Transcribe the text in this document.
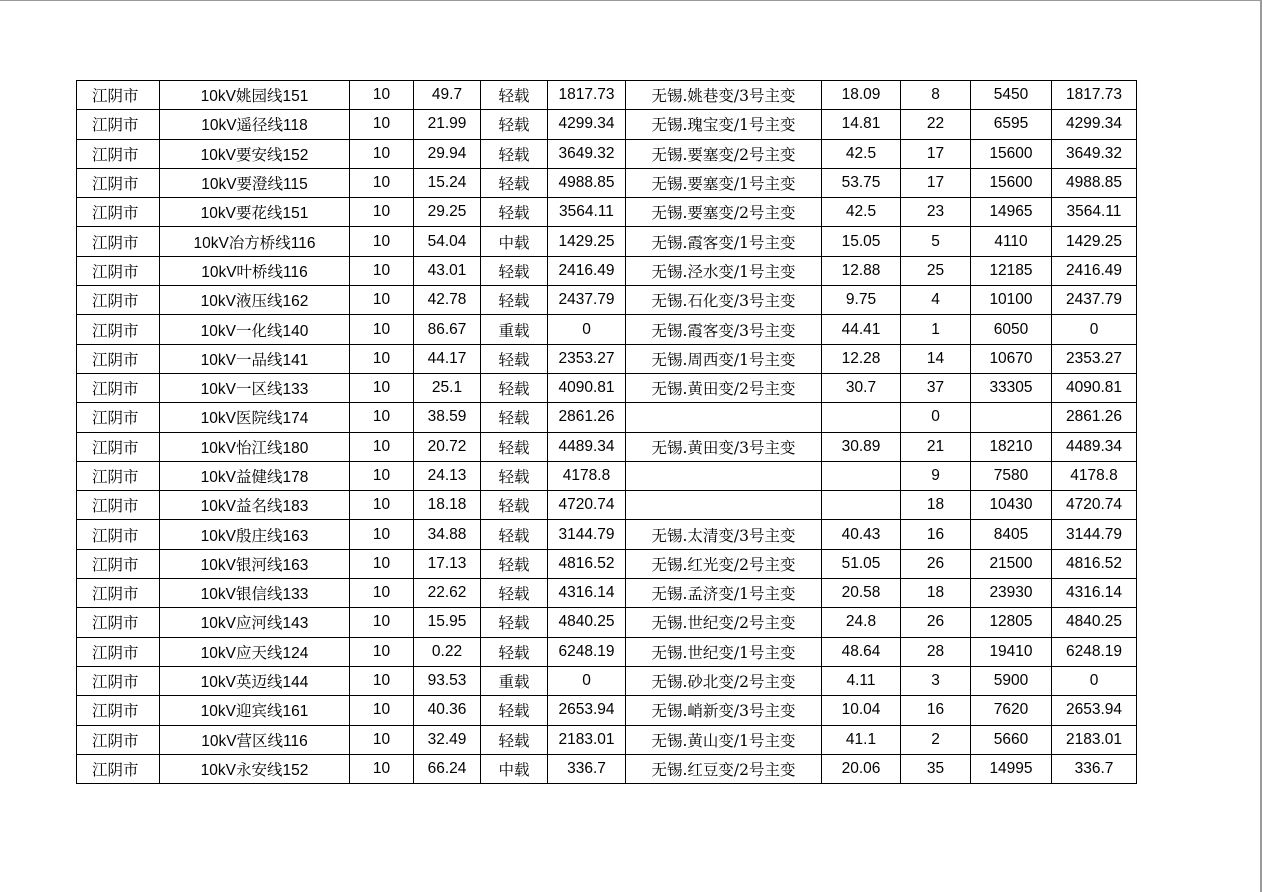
江阴市	10kV姚园线151	10	49.7	轻载	1817.73	无锡.姚巷变/3号主变	18.09	8	5450	1817.73
江阴市	10kV遥径线118	10	21.99	轻载	4299.34	无锡.瑰宝变/1号主变	14.81	22	6595	4299.34
江阴市	10kV要安线152	10	29.94	轻载	3649.32	无锡.要塞变/2号主变	42.5	17	15600	3649.32
江阴市	10kV要澄线115	10	15.24	轻载	4988.85	无锡.要塞变/1号主变	53.75	17	15600	4988.85
江阴市	10kV要花线151	10	29.25	轻载	3564.11	无锡.要塞变/2号主变	42.5	23	14965	3564.11
江阴市	10kV冶方桥线116	10	54.04	中载	1429.25	无锡.霞客变/1号主变	15.05	5	4110	1429.25
江阴市	10kV叶桥线116	10	43.01	轻载	2416.49	无锡.泾水变/1号主变	12.88	25	12185	2416.49
江阴市	10kV液压线162	10	42.78	轻载	2437.79	无锡.石化变/3号主变	9.75	4	10100	2437.79
江阴市	10kV一化线140	10	86.67	重载	0	无锡.霞客变/3号主变	44.41	1	6050	0
江阴市	10kV一品线141	10	44.17	轻载	2353.27	无锡.周西变/1号主变	12.28	14	10670	2353.27
江阴市	10kV一区线133	10	25.1	轻载	4090.81	无锡.黄田变/2号主变	30.7	37	33305	4090.81
江阴市	10kV医院线174	10	38.59	轻载	2861.26			0		2861.26
江阴市	10kV怡江线180	10	20.72	轻载	4489.34	无锡.黄田变/3号主变	30.89	21	18210	4489.34
江阴市	10kV益健线178	10	24.13	轻载	4178.8			9	7580	4178.8
江阴市	10kV益名线183	10	18.18	轻载	4720.74			18	10430	4720.74
江阴市	10kV殷庄线163	10	34.88	轻载	3144.79	无锡.太清变/3号主变	40.43	16	8405	3144.79
江阴市	10kV银河线163	10	17.13	轻载	4816.52	无锡.红光变/2号主变	51.05	26	21500	4816.52
江阴市	10kV银信线133	10	22.62	轻载	4316.14	无锡.孟济变/1号主变	20.58	18	23930	4316.14
江阴市	10kV应河线143	10	15.95	轻载	4840.25	无锡.世纪变/2号主变	24.8	26	12805	4840.25
江阴市	10kV应天线124	10	0.22	轻载	6248.19	无锡.世纪变/1号主变	48.64	28	19410	6248.19
江阴市	10kV英迈线144	10	93.53	重载	0	无锡.砂北变/2号主变	4.11	3	5900	0
江阴市	10kV迎宾线161	10	40.36	轻载	2653.94	无锡.峭新变/3号主变	10.04	16	7620	2653.94
江阴市	10kV营区线116	10	32.49	轻载	2183.01	无锡.黄山变/1号主变	41.1	2	5660	2183.01
江阴市	10kV永安线152	10	66.24	中载	336.7	无锡.红豆变/2号主变	20.06	35	14995	336.7
